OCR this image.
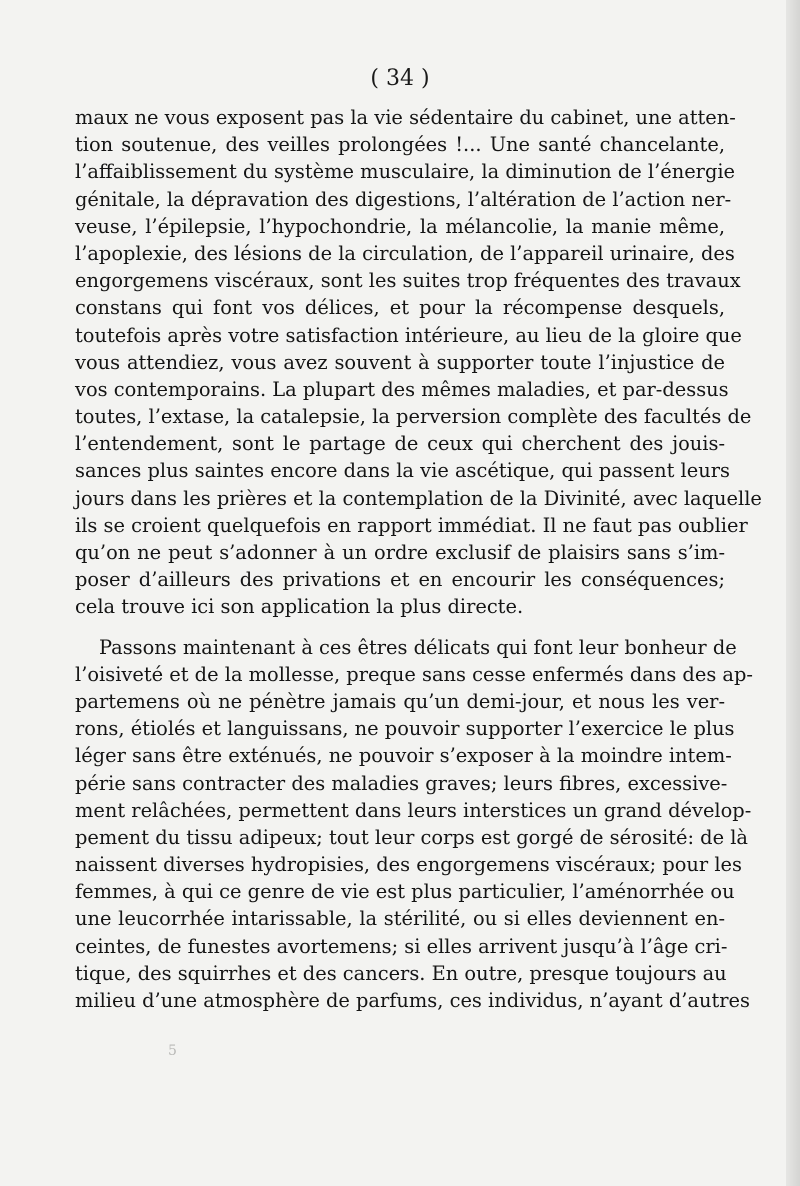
( 34 )
maux ne vous exposent pas la vie sédentaire du cabinet, une atten-
tion soutenue, des veilles prolongées !... Une santé chancelante,
l’affaiblissement du système musculaire, la diminution de l’énergie
génitale, la dépravation des digestions, l’altération de l’action ner-
veuse, l’épilepsie, l’hypochondrie, la mélancolie, la manie même,
l’apoplexie, des lésions de la circulation, de l’appareil urinaire, des
engorgemens viscéraux, sont les suites trop fréquentes des travaux
constans qui font vos délices, et pour la récompense desquels,
toutefois après votre satisfaction intérieure, au lieu de la gloire que
vous attendiez, vous avez souvent à supporter toute l’injustice de
vos contemporains. La plupart des mêmes maladies, et par-dessus
toutes, l’extase, la catalepsie, la perversion complète des facultés de
l’entendement, sont le partage de ceux qui cherchent des jouis-
sances plus saintes encore dans la vie ascétique, qui passent leurs
jours dans les prières et la contemplation de la Divinité, avec laquelle
ils se croient quelquefois en rapport immédiat. Il ne faut pas oublier
qu’on ne peut s’adonner à un ordre exclusif de plaisirs sans s’im-
poser d’ailleurs des privations et en encourir les conséquences;
cela trouve ici son application la plus directe.
Passons maintenant à ces êtres délicats qui font leur bonheur de
l’oisiveté et de la mollesse, preque sans cesse enfermés dans des ap-
partemens où ne pénètre jamais qu’un demi-jour, et nous les ver-
rons, étiolés et languissans, ne pouvoir supporter l’exercice le plus
léger sans être exténués, ne pouvoir s’exposer à la moindre intem-
périe sans contracter des maladies graves; leurs fibres, excessive-
ment relâchées, permettent dans leurs interstices un grand dévelop-
pement du tissu adipeux; tout leur corps est gorgé de sérosité: de là
naissent diverses hydropisies, des engorgemens viscéraux; pour les
femmes, à qui ce genre de vie est plus particulier, l’aménorrhée ou
une leucorrhée intarissable, la stérilité, ou si elles deviennent en-
ceintes, de funestes avortemens; si elles arrivent jusqu’à l’âge cri-
tique, des squirrhes et des cancers. En outre, presque toujours au
milieu d’une atmosphère de parfums, ces individus, n’ayant d’autres
5
